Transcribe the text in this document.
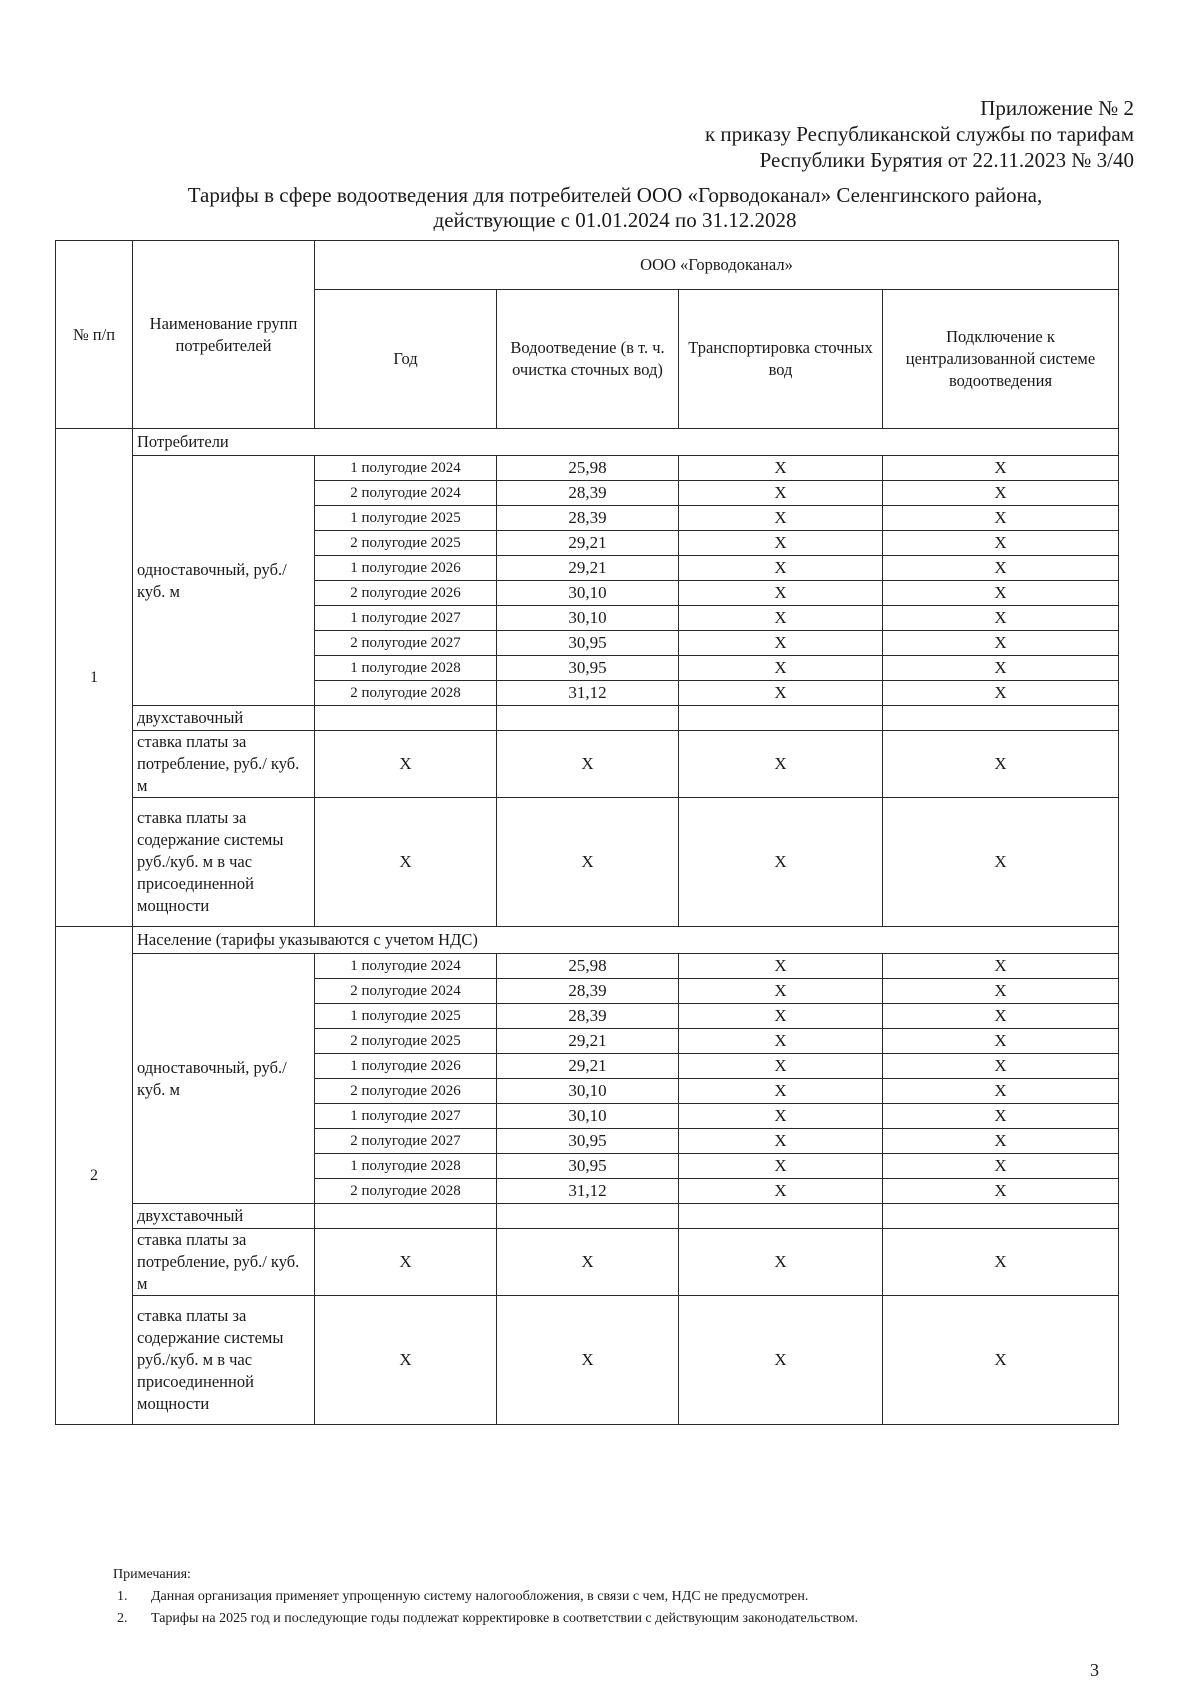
Приложение № 2
к приказу Республиканской службы по тарифам
Республики Бурятия от 22.11.2023 № 3/40
Тарифы в сфере водоотведения для потребителей ООО «Горводоканал» Селенгинского района,
действующие с 01.01.2024 по 31.12.2028
№ п/п	Наименование групп потребителей	ООО «Горводоканал»			
		Год	Водоотведение (в т. ч. очистка сточных вод)	Транспортировка сточных вод	Подключение к централизованной системе водоотведения
1	Потребители				
	одноставочный, руб./ куб. м	1 полугодие 2024	25,98	X	X
		2 полугодие 2024	28,39	X	X
		1 полугодие 2025	28,39	X	X
		2 полугодие 2025	29,21	X	X
		1 полугодие 2026	29,21	X	X
		2 полугодие 2026	30,10	X	X
		1 полугодие 2027	30,10	X	X
		2 полугодие 2027	30,95	X	X
		1 полугодие 2028	30,95	X	X
		2 полугодие 2028	31,12	X	X
	двухставочный				
	ставка платы за потребление, руб./ куб. м	X	X	X	X
	ставка платы за содержание системы руб./куб. м в час присоединенной мощности	X	X	X	X
2	Население (тарифы указываются с учетом НДС)				
	одноставочный, руб./ куб. м	1 полугодие 2024	25,98	X	X
		2 полугодие 2024	28,39	X	X
		1 полугодие 2025	28,39	X	X
		2 полугодие 2025	29,21	X	X
		1 полугодие 2026	29,21	X	X
		2 полугодие 2026	30,10	X	X
		1 полугодие 2027	30,10	X	X
		2 полугодие 2027	30,95	X	X
		1 полугодие 2028	30,95	X	X
		2 полугодие 2028	31,12	X	X
	двухставочный				
	ставка платы за потребление, руб./ куб. м	X	X	X	X
	ставка платы за содержание системы руб./куб. м в час присоединенной мощности	X	X	X	X
Примечания:
1. Данная организация применяет упрощенную систему налогообложения, в связи с чем, НДС не предусмотрен.
2. Тарифы на 2025 год и последующие годы подлежат корректировке в соответствии с действующим законодательством.
3
